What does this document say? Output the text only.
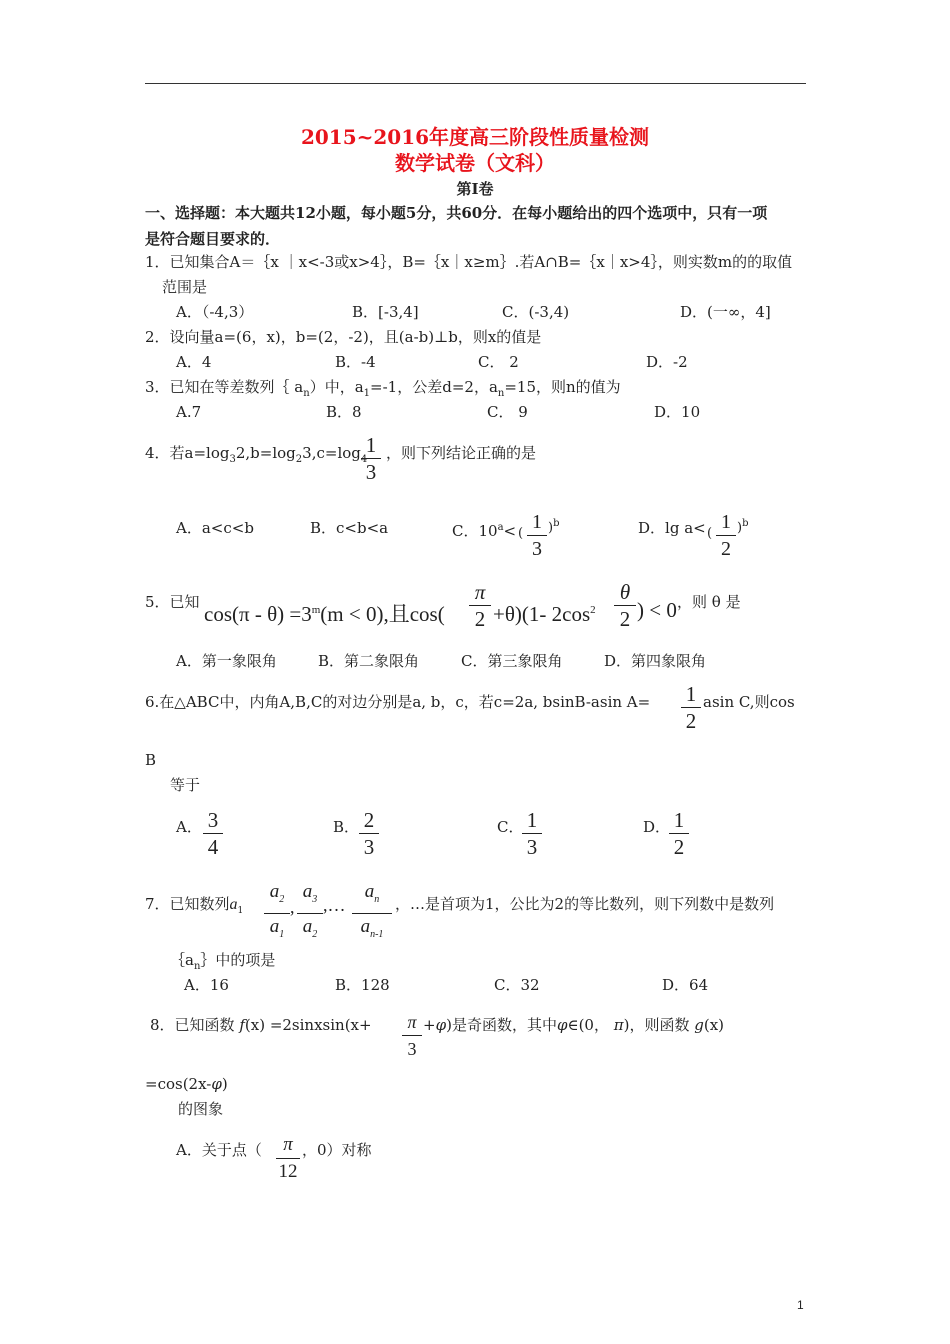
2015~2016年度高三阶段性质量检测
数学试卷（文科）
第Ⅰ卷
一、选择题：本大题共12小题，每小题5分，共60分．在每小题给出的四个选项中，只有一项
是符合题目要求的．
1．已知集合A＝｛x ｜x<-3或x>4｝，B=｛x｜x≥m｝.若A∩B=｛x｜x>4｝，则实数m的的取值
范围是
A．（-4,3）	B．[-3,4]	C．(-3,4)	D．(一∞，4]
2．设向量a=(6，x)，b=(2，-2)，且(a-b)⊥b，则x的值是
A．4	B．-4	C． 2	D．-2
3．已知在等差数列｛ $a_n$）中，$a_1=-1$，公差d=2，$a_n=15$，则n的值为
A.7	B．8	C． 9	D．10
4．若$a=\log_32,b=\log_23,c=\log_4$
1
3
，则下列结论正确的是
A．a<c<b	B．c<b<a	C．$10^a<$ (
1
3
)$^b$	D．lg a< (
1
2
)$^b$
5．已知 $\cos(\pi - \theta) =3^m(m < 0)$,且cos(
π
2 +θ)(1- $2\cos^2$
θ
2 ) < 0 ，则 θ 是
A．第一象限角	B．第二象限角	C．第三象限角	D．第四象限角
6.在△ABC中，内角A,B,C的对边分别是a, b，c，若c=2a, bsinB-asin A= 1
2
asin C,则cos
B
等于
A． 3
4
B． 2
3
C． 1
3
D． 1
2
7．已知数列$a_1$
$a_2$
$a_1$
,
$a_3$
$a_2$
,…
$a_n$
$a_{n-1}$
，…是首项为1，公比为2的等比数列，则下列数中是数列
$\{a_n\}$中的项是
A．16	B．128	C．32	D．64
8．已知函数 f(x) =2sinxsin(x+	π
3
+φ)是奇函数，其中φ∈(0， π)，则函数 g(x)
=cos(2x-φ)
的图象
A．关于点（	π
12
，0）对称
1
